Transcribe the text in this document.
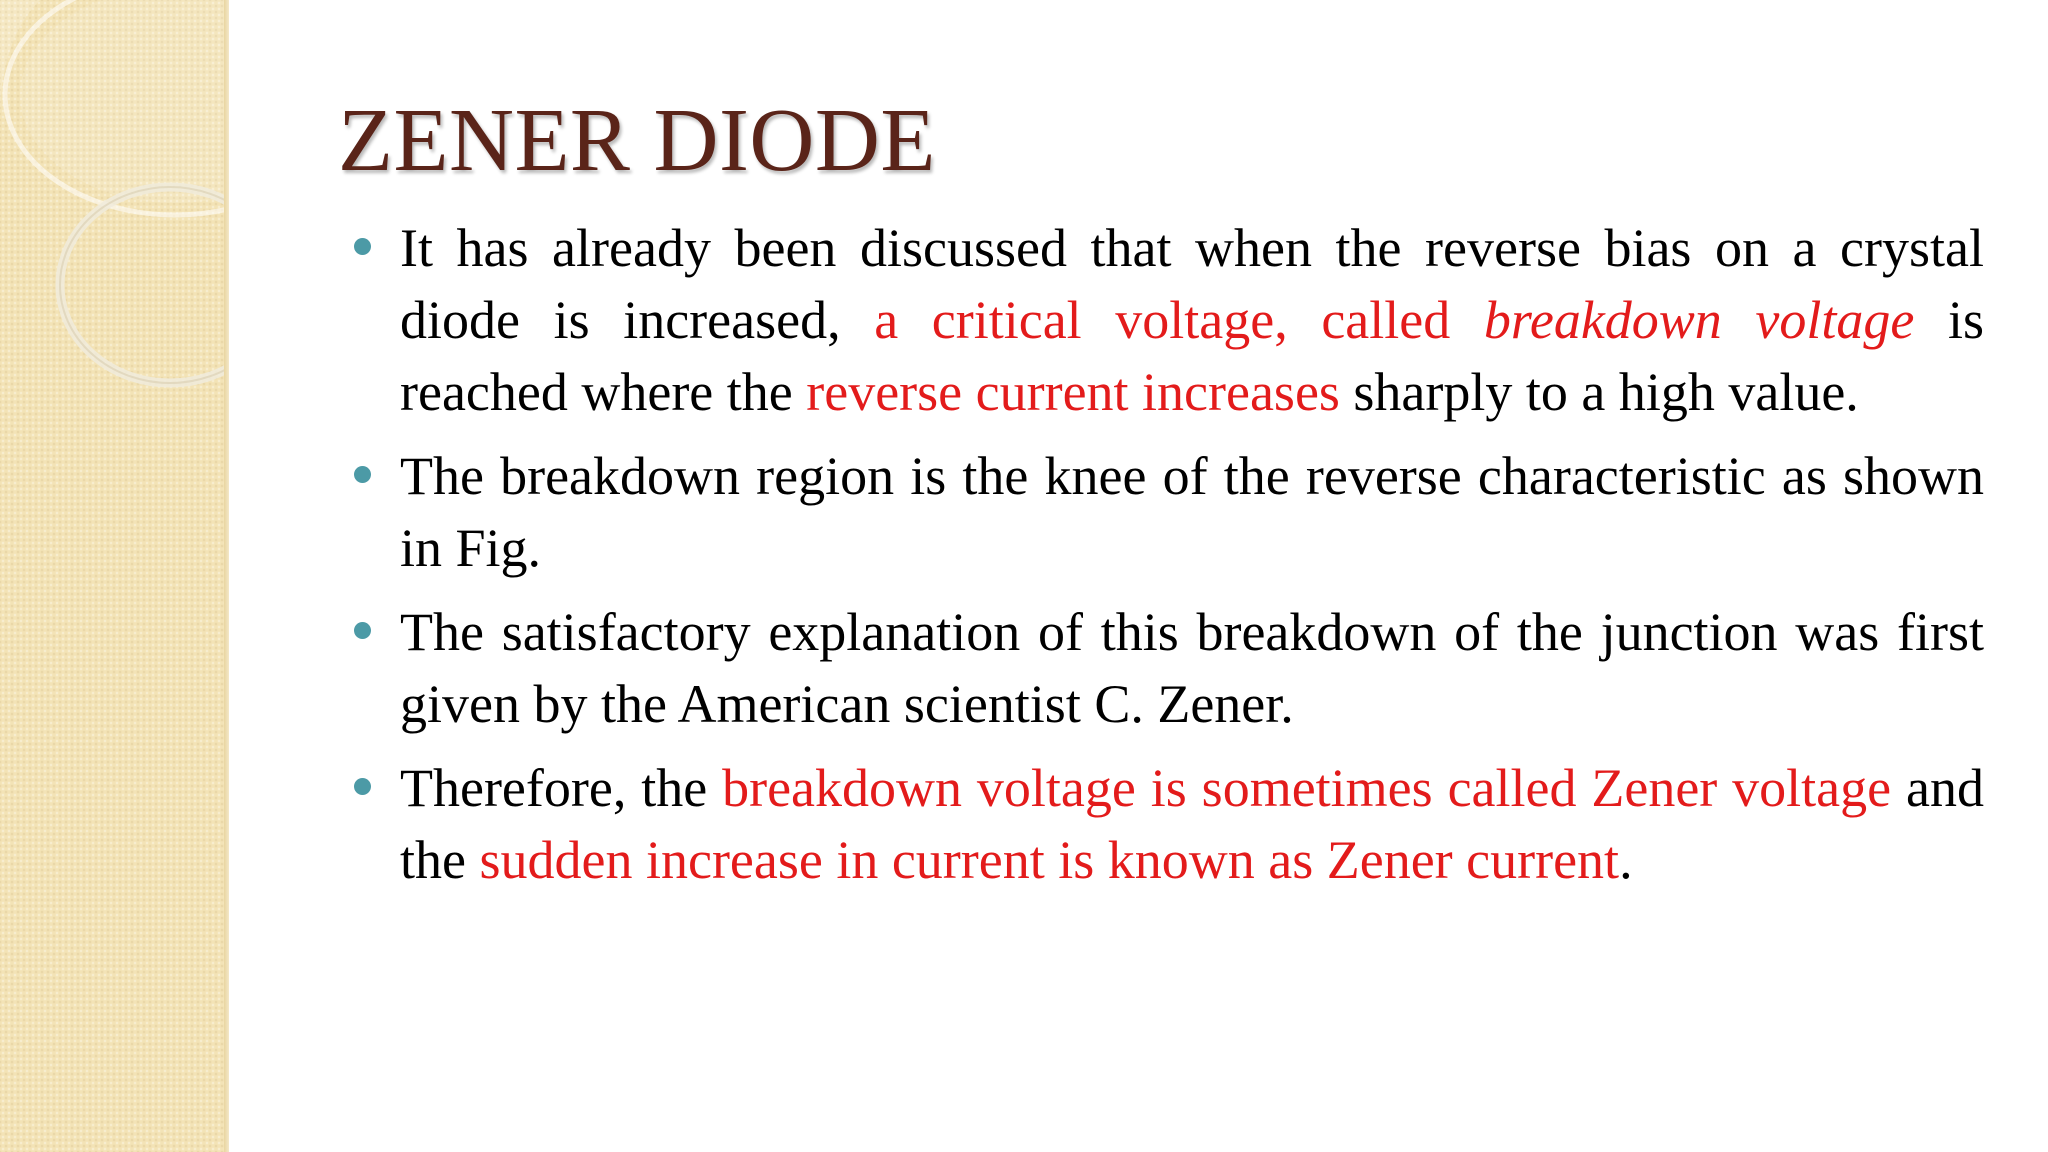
ZENER DIODE
It has already been discussed that when the reverse bias on a crystal diode is increased, a critical voltage, called breakdown voltage is reached where the reverse current increases sharply to a high value.
The breakdown region is the knee of the reverse characteristic as shown in Fig.
The satisfactory explanation of this breakdown of the junction was first given by the American scientist C. Zener.
Therefore, the breakdown voltage is sometimes called Zener voltage and the sudden increase in current is known as Zener current.
